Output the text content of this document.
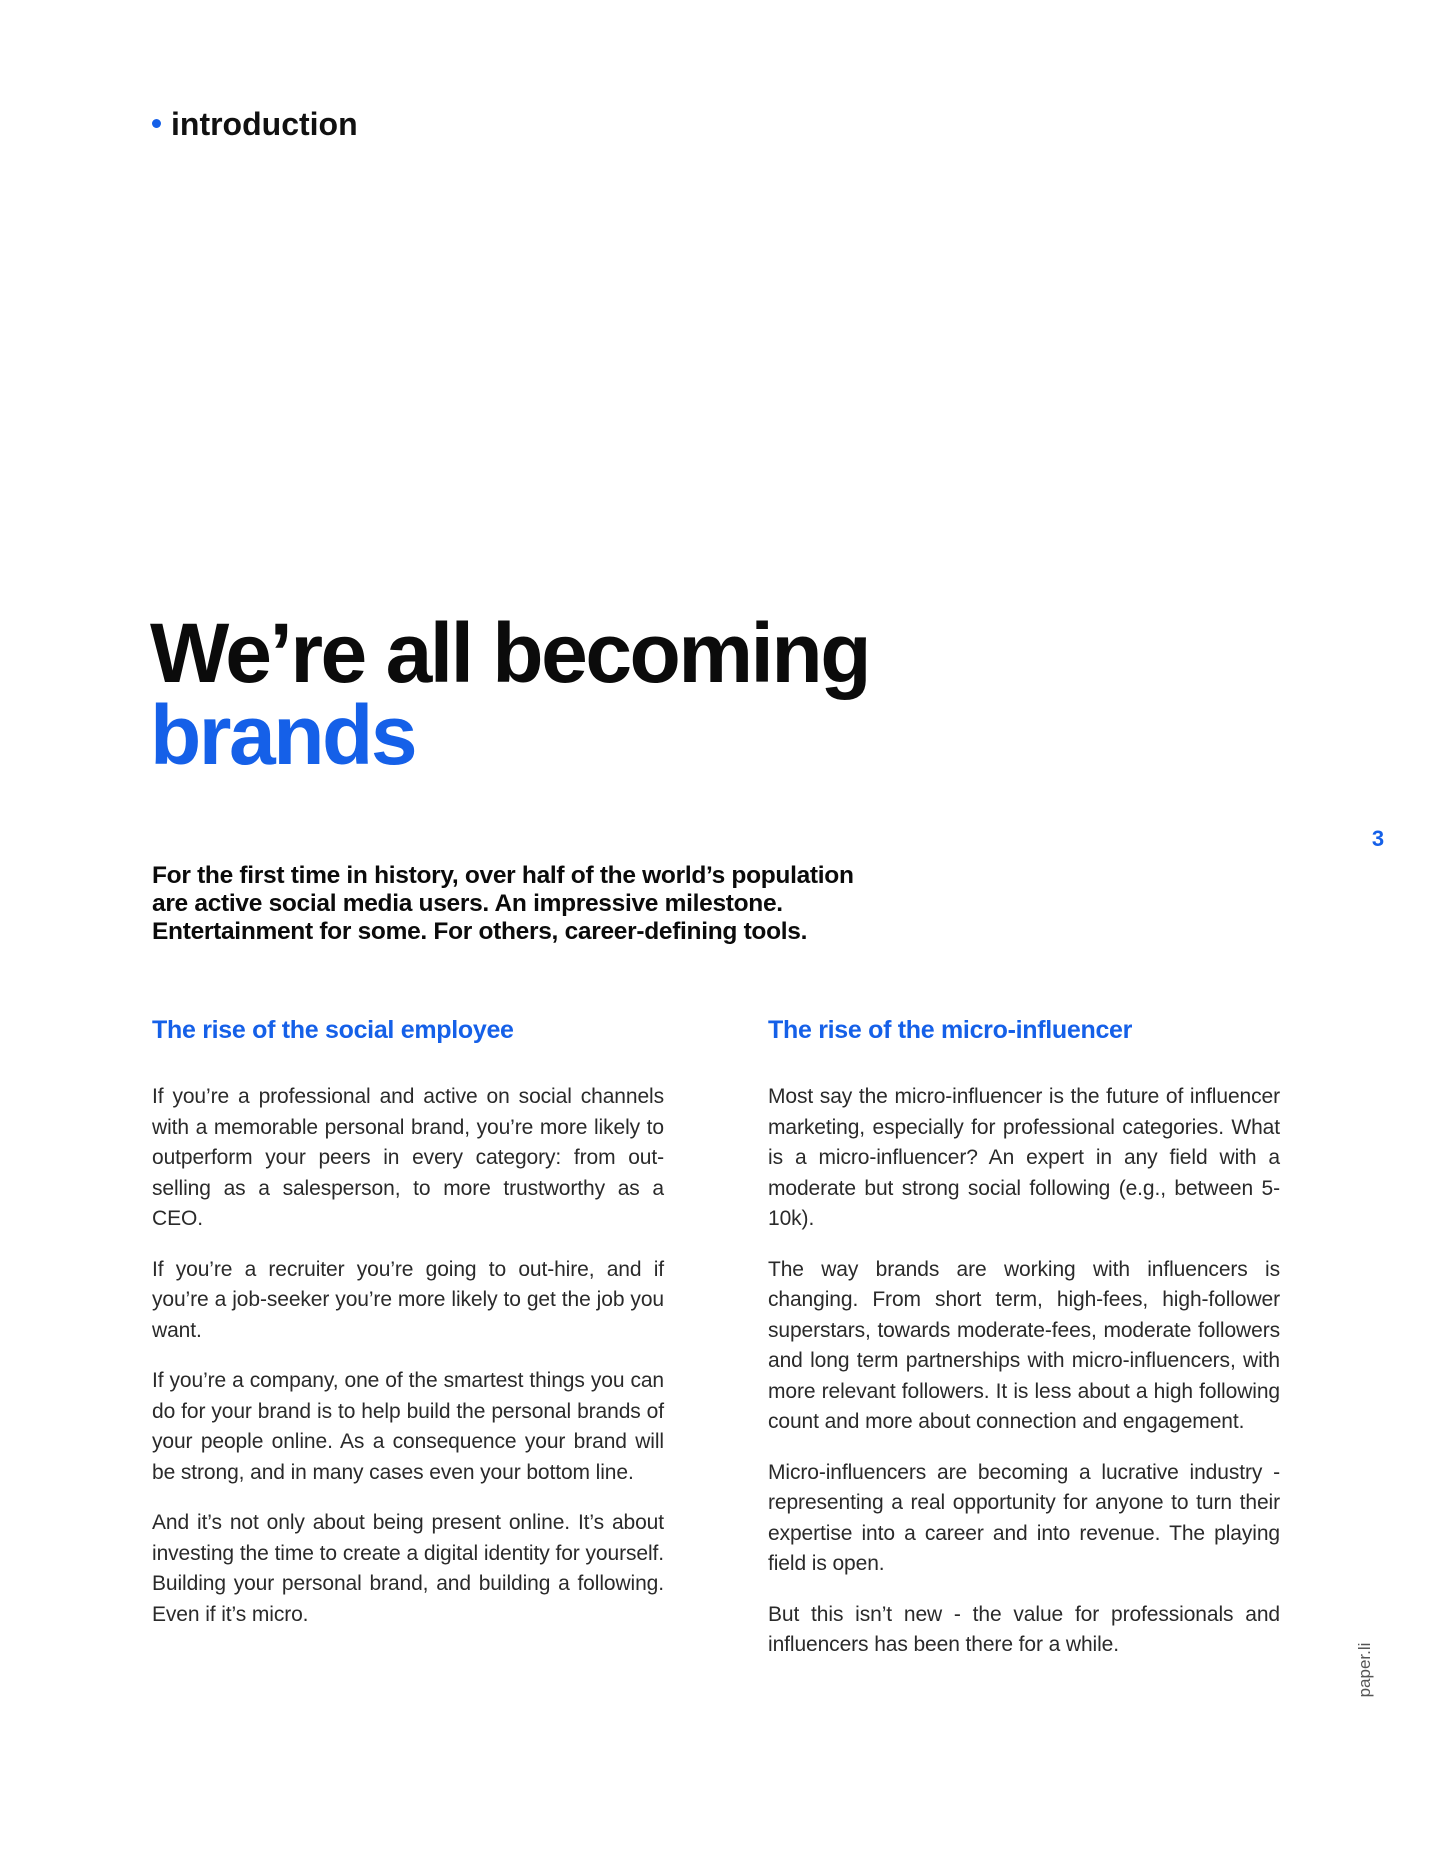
introduction
We’re all becoming
brands
3

For the first time in history, over half of the world’s population
are active social media users. An impressive milestone.
Entertainment for some. For others, career-defining tools.

The rise of the social employee

If you’re a professional and active on social channels with a memorable personal brand, you’re more likely to outperform your peers in every category: from out-selling as a salesperson, to more trustworthy as a CEO.

If you’re a recruiter you’re going to out-hire, and if you’re a job-seeker you’re more likely to get the job you want.

If you’re a company, one of the smartest things you can do for your brand is to help build the personal brands of your people online. As a consequence your brand will be strong, and in many cases even your bottom line.

And it’s not only about being present online. It’s about investing the time to create a digital identity for yourself. Building your personal brand, and building a following. Even if it’s micro.

The rise of the micro-influencer

Most say the micro-influencer is the future of influencer marketing, especially for professional categories. What is a micro-influencer? An expert in any field with a moderate but strong social following (e.g., between 5-10k).

The way brands are working with influencers is changing. From short term, high-fees, high-follower superstars, towards moderate-fees, moderate followers and long term partnerships with micro-influencers, with more relevant followers. It is less about a high following count and more about connection and engagement.

Micro-influencers are becoming a lucrative industry - representing a real opportunity for anyone to turn their expertise into a career and into revenue. The playing field is open.

But this isn’t new - the value for professionals and influencers has been there for a while.	paper.li
